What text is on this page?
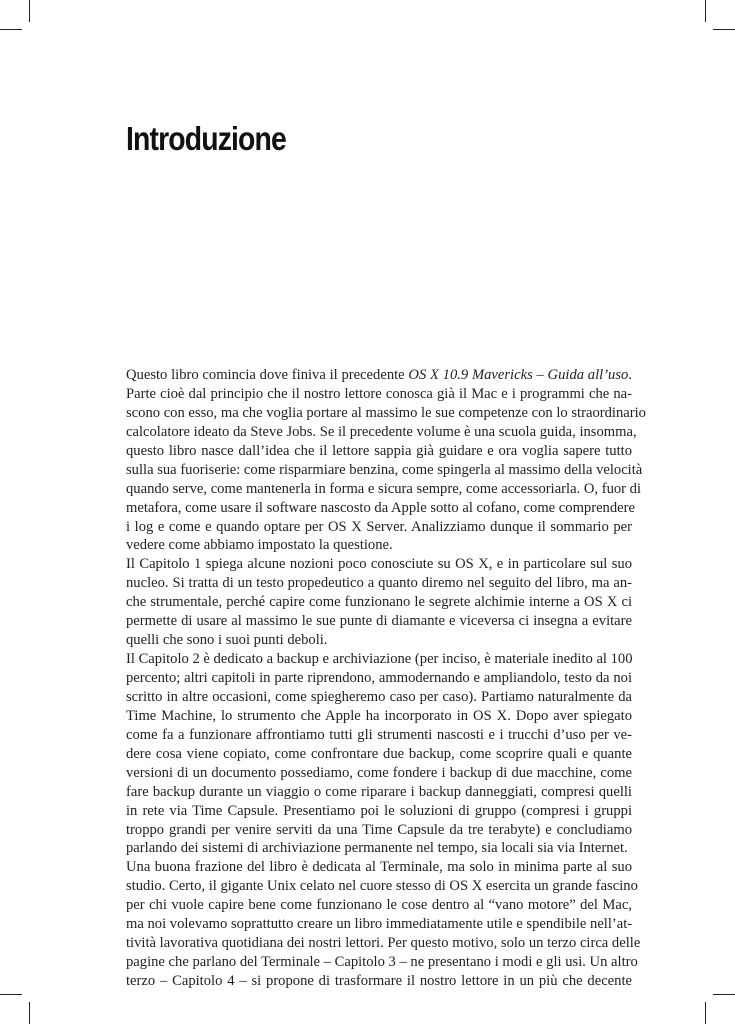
Introduzione
Questo libro comincia dove finiva il precedente OS X 10.9 Mavericks – Guida all’uso.
Parte cioè dal principio che il nostro lettore conosca già il Mac e i programmi che na-
scono con esso, ma che voglia portare al massimo le sue competenze con lo straordinario
calcolatore ideato da Steve Jobs. Se il precedente volume è una scuola guida, insomma,
questo libro nasce dall’idea che il lettore sappia già guidare e ora voglia sapere tutto
sulla sua fuoriserie: come risparmiare benzina, come spingerla al massimo della velocità
quando serve, come mantenerla in forma e sicura sempre, come accessoriarla. O, fuor di
metafora, come usare il software nascosto da Apple sotto al cofano, come comprendere
i log e come e quando optare per OS X Server. Analizziamo dunque il sommario per
vedere come abbiamo impostato la questione.
Il Capitolo 1 spiega alcune nozioni poco conosciute su OS X, e in particolare sul suo
nucleo. Si tratta di un testo propedeutico a quanto diremo nel seguito del libro, ma an-
che strumentale, perché capire come funzionano le segrete alchimie interne a OS X ci
permette di usare al massimo le sue punte di diamante e viceversa ci insegna a evitare
quelli che sono i suoi punti deboli.
Il Capitolo 2 è dedicato a backup e archiviazione (per inciso, è materiale inedito al 100
percento; altri capitoli in parte riprendono, ammodernando e ampliandolo, testo da noi
scritto in altre occasioni, come spiegheremo caso per caso). Partiamo naturalmente da
Time Machine, lo strumento che Apple ha incorporato in OS X. Dopo aver spiegato
come fa a funzionare affrontiamo tutti gli strumenti nascosti e i trucchi d’uso per ve-
dere cosa viene copiato, come confrontare due backup, come scoprire quali e quante
versioni di un documento possediamo, come fondere i backup di due macchine, come
fare backup durante un viaggio o come riparare i backup danneggiati, compresi quelli
in rete via Time Capsule. Presentiamo poi le soluzioni di gruppo (compresi i gruppi
troppo grandi per venire serviti da una Time Capsule da tre terabyte) e concludiamo
parlando dei sistemi di archiviazione permanente nel tempo, sia locali sia via Internet.
Una buona frazione del libro è dedicata al Terminale, ma solo in minima parte al suo
studio. Certo, il gigante Unix celato nel cuore stesso di OS X esercita un grande fascino
per chi vuole capire bene come funzionano le cose dentro al “vano motore” del Mac,
ma noi volevamo soprattutto creare un libro immediatamente utile e spendibile nell’at-
tività lavorativa quotidiana dei nostri lettori. Per questo motivo, solo un terzo circa delle
pagine che parlano del Terminale – Capitolo 3 – ne presentano i modi e gli usi. Un altro
terzo – Capitolo 4 – si propone di trasformare il nostro lettore in un più che decente
